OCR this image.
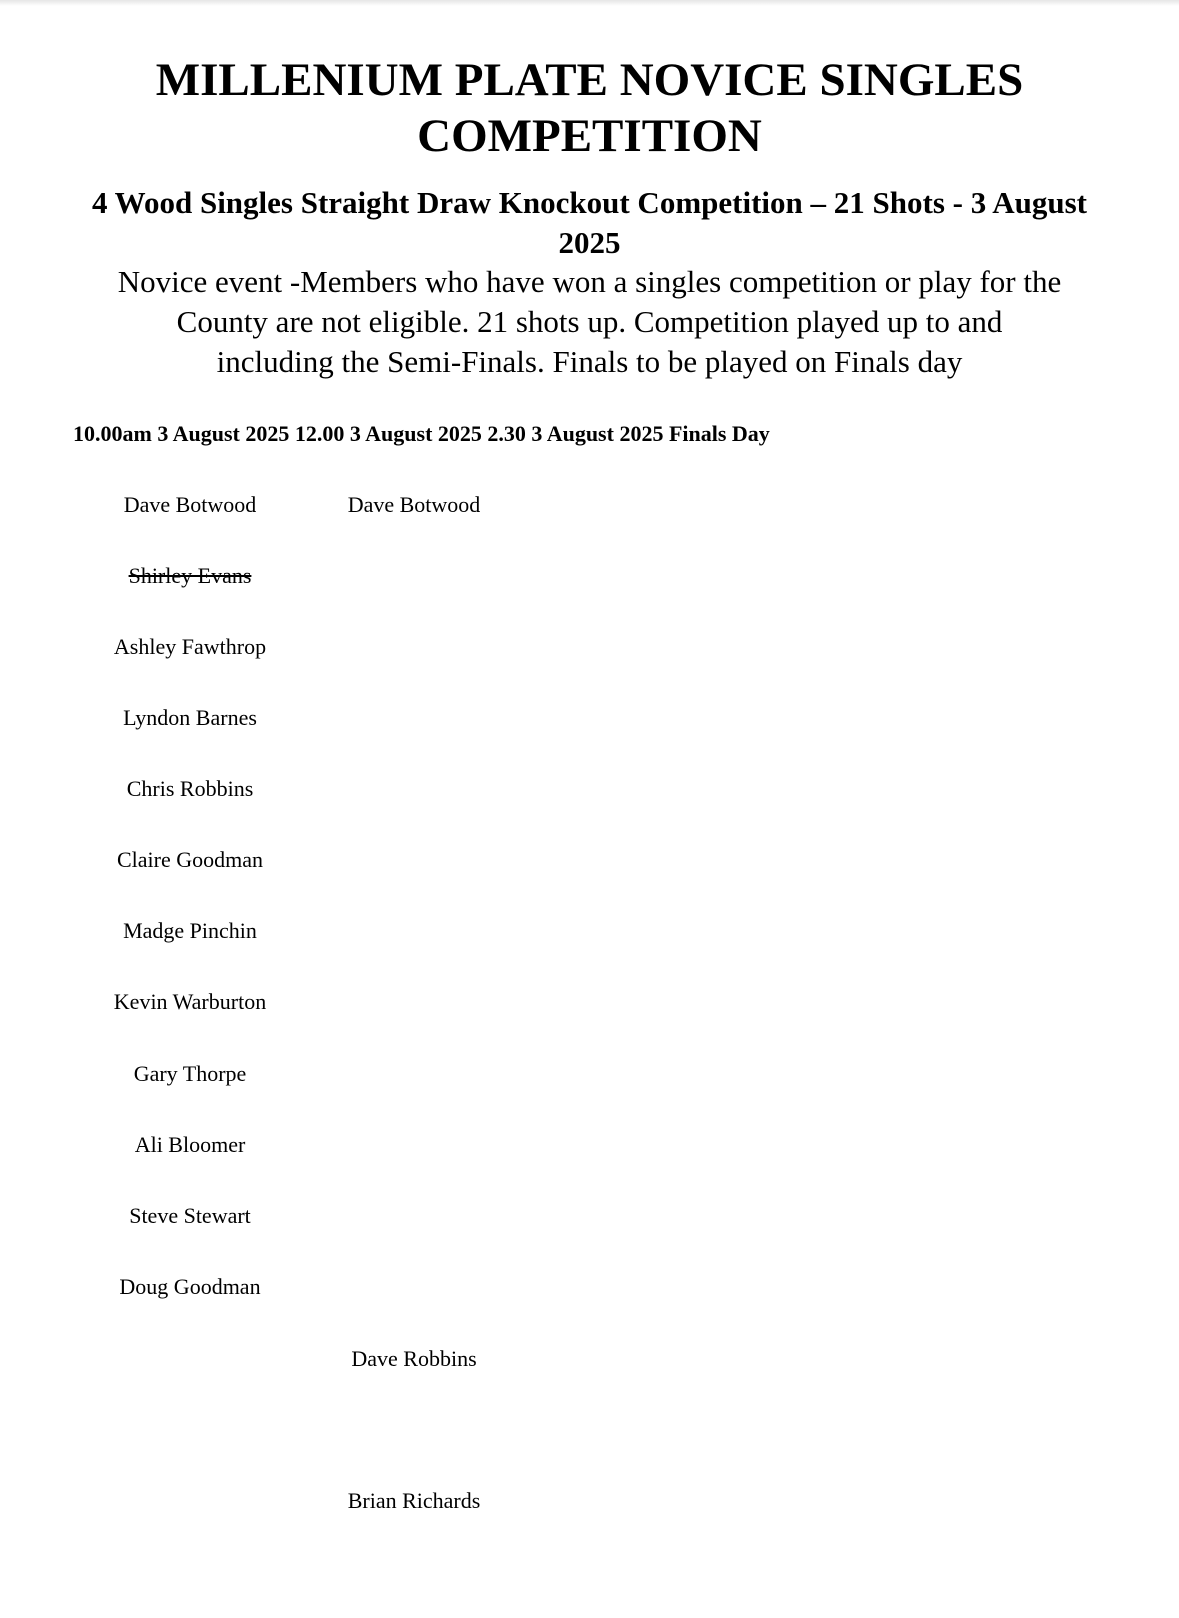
MILLENIUM PLATE NOVICE SINGLES
COMPETITION
4 Wood Singles Straight Draw Knockout Competition – 21 Shots - 3 August 2025
Novice event -Members who have won a singles competition or play for the
County are not eligible. 21 shots up. Competition played up to and
including the Semi-Finals. Finals to be played on Finals day
10.00am 3 August 2025 12.00 3 August 2025 2.30 3 August 2025 Finals Day
Dave Botwood
Shirley Evans
Ashley Fawthrop
Lyndon Barnes
Chris Robbins
Claire Goodman
Madge Pinchin
Kevin Warburton
Gary Thorpe
Ali Bloomer
Steve Stewart
Doug Goodman
Dave Botwood
Dave Robbins
Brian Richards
